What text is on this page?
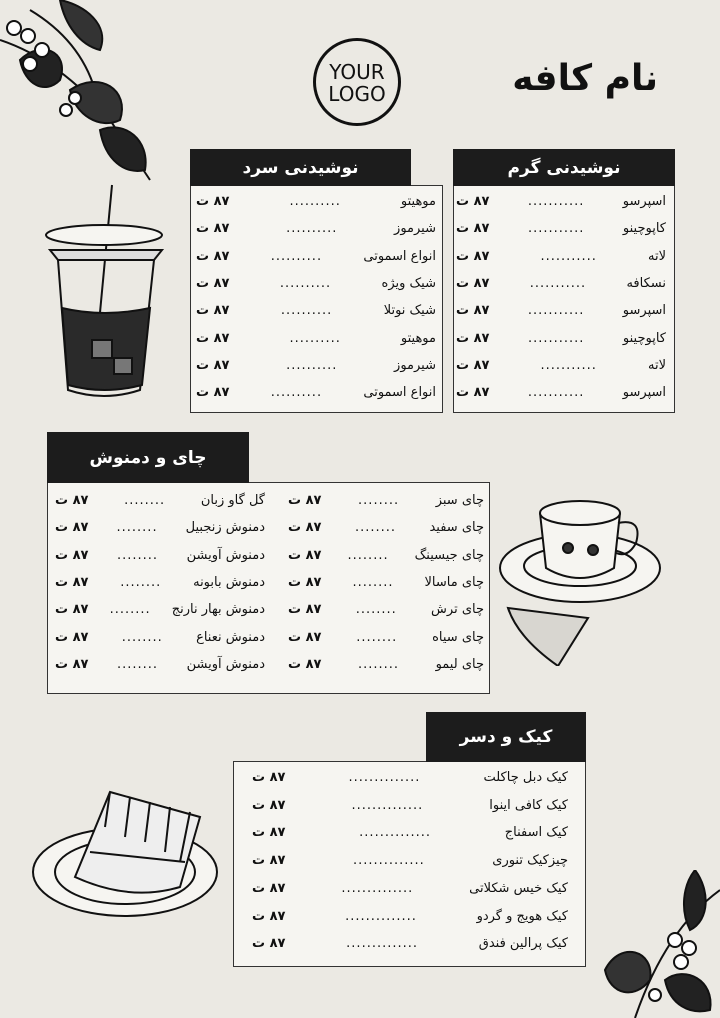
نام کافه
YOUR
LOGO
نوشیدنی گرم
اسپرسو
...........
۸۷ ت
کاپوچینو
...........
۸۷ ت
لاته
...........
۸۷ ت
نسکافه
...........
۸۷ ت
اسپرسو
...........
۸۷ ت
کاپوچینو
...........
۸۷ ت
لاته
...........
۸۷ ت
اسپرسو
...........
۸۷ ت
نوشیدنی سرد
موهیتو
..........
۸۷ ت
شیرموز
..........
۸۷ ت
انواع اسموتی
..........
۸۷ ت
شیک ویژه
..........
۸۷ ت
شیک نوتلا
..........
۸۷ ت
موهیتو
..........
۸۷ ت
شیرموز
..........
۸۷ ت
انواع اسموتی
..........
۸۷ ت
چای و دمنوش
چای سبز
........
۸۷ ت
چای سفید
........
۸۷ ت
چای جیسینگ
........
۸۷ ت
چای ماسالا
........
۸۷ ت
چای ترش
........
۸۷ ت
چای سیاه
........
۸۷ ت
چای لیمو
........
۸۷ ت
گل گاو زبان
........
۸۷ ت
دمنوش زنجبیل
........
۸۷ ت
دمنوش آویشن
........
۸۷ ت
دمنوش بابونه
........
۸۷ ت
دمنوش بهار نارنج
........
۸۷ ت
دمنوش نعناع
........
۸۷ ت
دمنوش آویشن
........
۸۷ ت
کیک و دسر
کیک دبل چاکلت
..............
۸۷ ت
کیک کافی اینوا
..............
۸۷ ت
کیک اسفناج
..............
۸۷ ت
چیزکیک تنوری
..............
۸۷ ت
کیک خیس شکلاتی
..............
۸۷ ت
کیک هویج و گردو
..............
۸۷ ت
کیک پرالین فندق
..............
۸۷ ت
